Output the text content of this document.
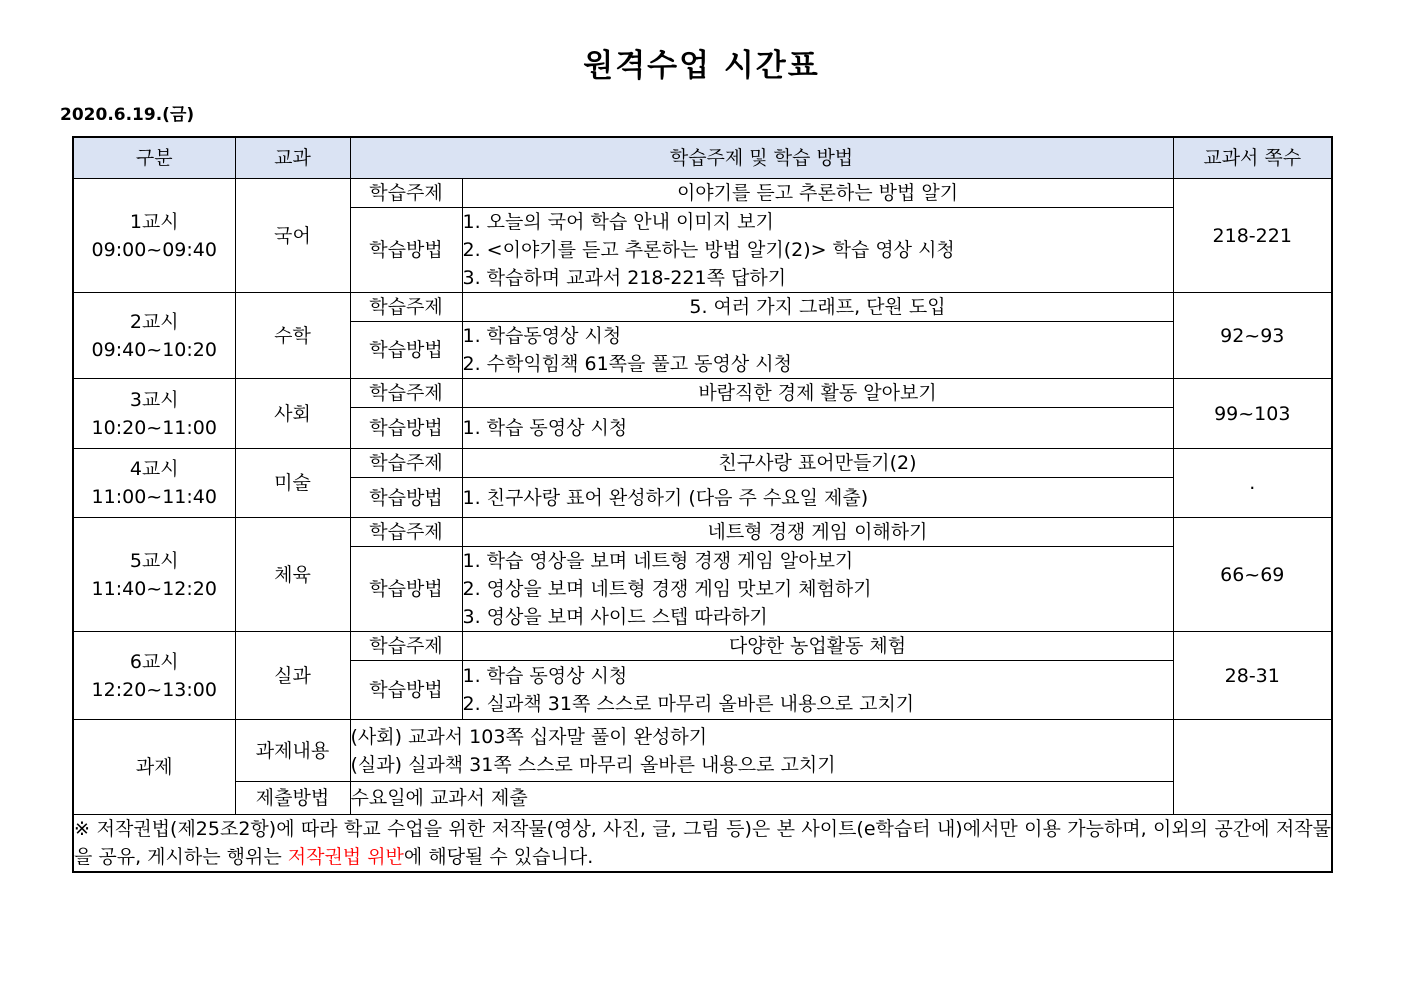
원격수업 시간표
2020.6.19.(금)
구분	교과	학습주제 및 학습 방법		교과서 쪽수

1교시
09:00~09:40	국어	학습주제	이야기를 듣고 추론하는 방법 알기	218-221
		학습방법	1. 오늘의 국어 학습 안내 이미지 보기
2. <이야기를 듣고 추론하는 방법 알기(2)> 학습 영상 시청
3. 학습하며 교과서 218-221쪽 답하기	

2교시
09:40~10:20	수학	학습주제	5. 여러 가지 그래프, 단원 도입	92~93
		학습방법	1. 학습동영상 시청
2. 수학익힘책 61쪽을 풀고 동영상 시청	

3교시
10:20~11:00	사회	학습주제	바람직한 경제 활동 알아보기	99~103
		학습방법	1. 학습 동영상 시청	

4교시
11:00~11:40	미술	학습주제	친구사랑 표어만들기(2)	.
		학습방법	1. 친구사랑 표어 완성하기 (다음 주 수요일 제출)	

5교시
11:40~12:20	체육	학습주제	네트형 경쟁 게임 이해하기	66~69
		학습방법	1. 학습 영상을 보며 네트형 경쟁 게임 알아보기
2. 영상을 보며 네트형 경쟁 게임 맛보기 체험하기
3. 영상을 보며 사이드 스텝 따라하기	

6교시
12:20~13:00	실과	학습주제	다양한 농업활동 체험	28-31
		학습방법	1. 학습 동영상 시청
2. 실과책 31쪽 스스로 마무리 올바른 내용으로 고치기	

과제	과제내용	(사회) 교과서 103쪽 십자말 풀이 완성하기
(실과) 실과책 31쪽 스스로 마무리 올바른 내용으로 고치기		

	제출방법	수요일에 교과서 제출		
※ 저작권법(제25조2항)에 따라 학교 수업을 위한 저작물(영상, 사진, 글, 그림 등)은 본 사이트(e학습터 내)에서만 이용 가능하며, 이외의 공간에 저작물을 공유, 게시하는 행위는 저작권법 위반에 해당될 수 있습니다.				
